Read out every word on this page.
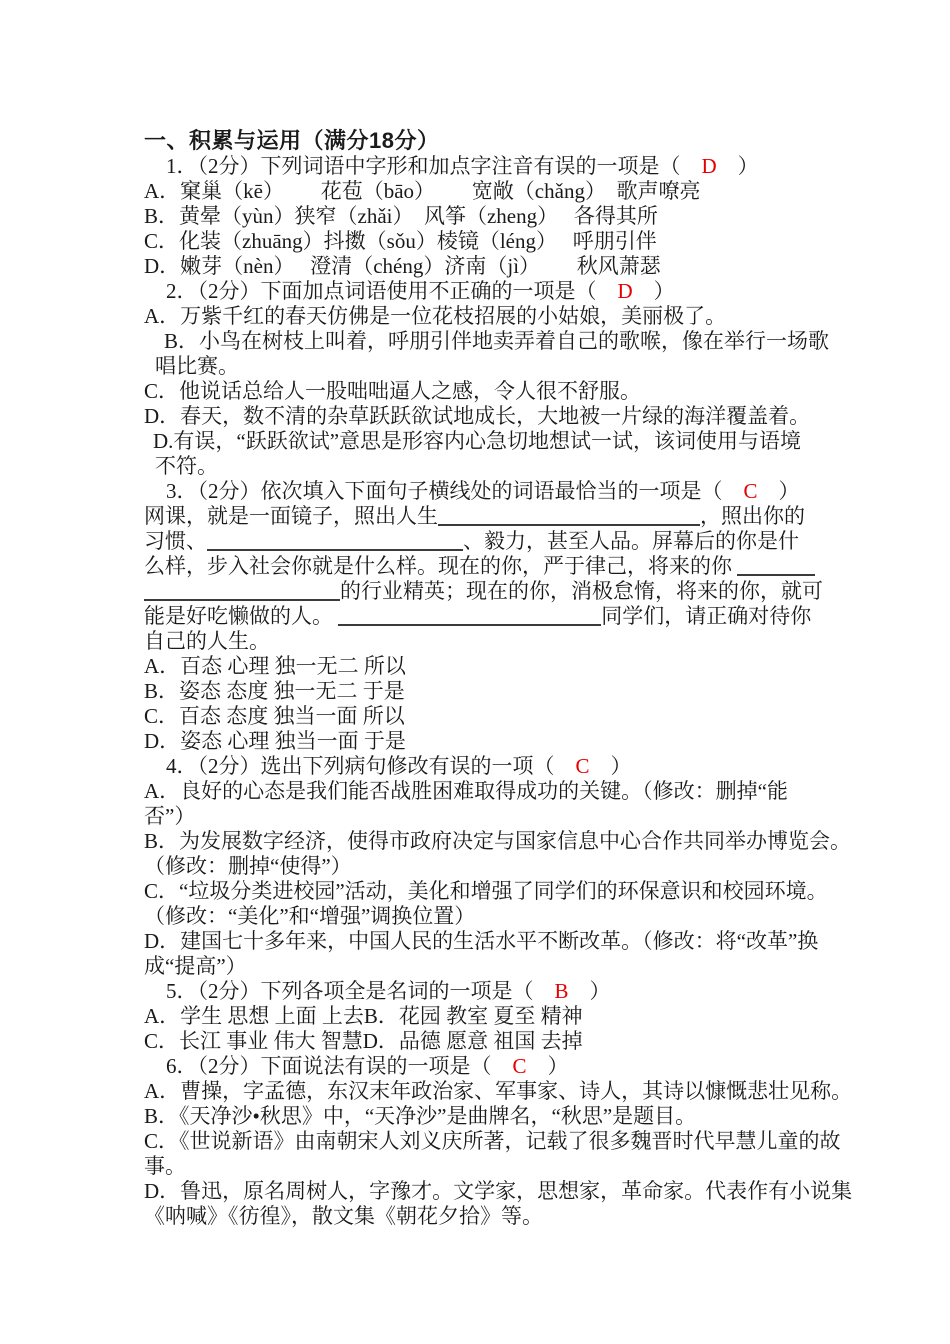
一、积累与运用（满分18分）
1．（2分）下列词语中字形和加点字注音有误的一项是（　D　）
A．窠巢（kē）　　 花苞（bāo）　　 宽敞（chǎng）　歌声嘹亮
B．黄晕（yùn）狭窄（zhǎi）　风筝（zheng）　 各得其所
C．化装（zhuāng）抖擞（sǒu）棱镜（léng）　 呼朋引伴
D．嫩芽（nèn）　 澄清（chéng）济南（jì）　　 秋风萧瑟
2．（2分）下面加点词语使用不正确的一项是（　D　）
A．万紫千红的春天仿佛是一位花枝招展的小姑娘，美丽极了。
B．小鸟在树枝上叫着，呼朋引伴地卖弄着自己的歌喉，像在举行一场歌
唱比赛。
C．他说话总给人一股咄咄逼人之感，令人很不舒服。
D．春天，数不清的杂草跃跃欲试地成长，大地被一片绿的海洋覆盖着。
D.有误，“跃跃欲试”意思是形容内心急切地想试一试，该词使用与语境
不符。
3．（2分）依次填入下面句子横线处的词语最恰当的一项是（　C　）
网课，就是一面镜子，照出人生	，照出你的
习惯、	、毅力，甚至人品。屏幕后的你是什
么样，步入社会你就是什么样。现在的你，严于律己，将来的你
的行业精英；现在的你，消极怠惰，将来的你，就可
能是好吃懒做的人。	同学们，请正确对待你
自己的人生。
A．百态 心理 独一无二 所以
B．姿态 态度 独一无二 于是
C．百态 态度 独当一面 所以
D．姿态 心理 独当一面 于是
4．（2分）选出下列病句修改有误的一项（　C　）
A．良好的心态是我们能否战胜困难取得成功的关键。（修改：删掉“能
否”）
B．为发展数字经济，使得市政府决定与国家信息中心合作共同举办博览会。
（修改：删掉“使得”）
C．“垃圾分类进校园”活动，美化和增强了同学们的环保意识和校园环境。
（修改：“美化”和“增强”调换位置）
D．建国七十多年来，中国人民的生活水平不断改革。（修改：将“改革”换
成“提高”）
5．（2分）下列各项全是名词的一项是（　B　）
A．学生 思想 上面 上去B．花园 教室 夏至 精神
C．长江 事业 伟大 智慧D．品德 愿意 祖国 去掉
6．（2分）下面说法有误的一项是（　C　）
A．曹操，字孟德，东汉末年政治家、军事家、诗人，其诗以慷慨悲壮见称。
B．《天净沙•秋思》中，“天净沙”是曲牌名，“秋思”是题目。
C．《世说新语》由南朝宋人刘义庆所著，记载了很多魏晋时代早慧儿童的故
事。
D．鲁迅，原名周树人，字豫才。文学家，思想家，革命家。代表作有小说集
《呐喊》《彷徨》，散文集《朝花夕拾》等。
